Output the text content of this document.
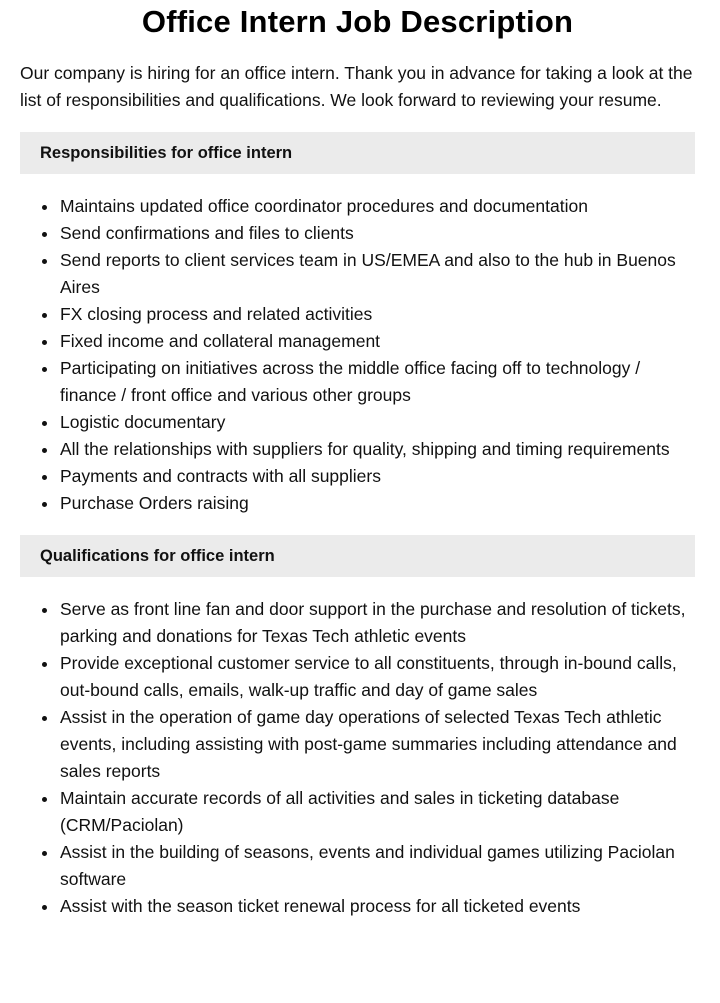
Office Intern Job Description

Our company is hiring for an office intern. Thank you in advance for taking a look at the list of responsibilities and qualifications. We look forward to reviewing your resume.

Responsibilities for office intern
Maintains updated office coordinator procedures and documentation
Send confirmations and files to clients
Send reports to client services team in US/EMEA and also to the hub in Buenos Aires
FX closing process and related activities
Fixed income and collateral management
Participating on initiatives across the middle office facing off to technology / finance / front office and various other groups
Logistic documentary
All the relationships with suppliers for quality, shipping and timing requirements
Payments and contracts with all suppliers
Purchase Orders raising
Qualifications for office intern
Serve as front line fan and door support in the purchase and resolution of tickets, parking and donations for Texas Tech athletic events
Provide exceptional customer service to all constituents, through in-bound calls, out-bound calls, emails, walk-up traffic and day of game sales
Assist in the operation of game day operations of selected Texas Tech athletic events, including assisting with post-game summaries including attendance and sales reports
Maintain accurate records of all activities and sales in ticketing database (CRM/Paciolan)
Assist in the building of seasons, events and individual games utilizing Paciolan software
Assist with the season ticket renewal process for all ticketed events
